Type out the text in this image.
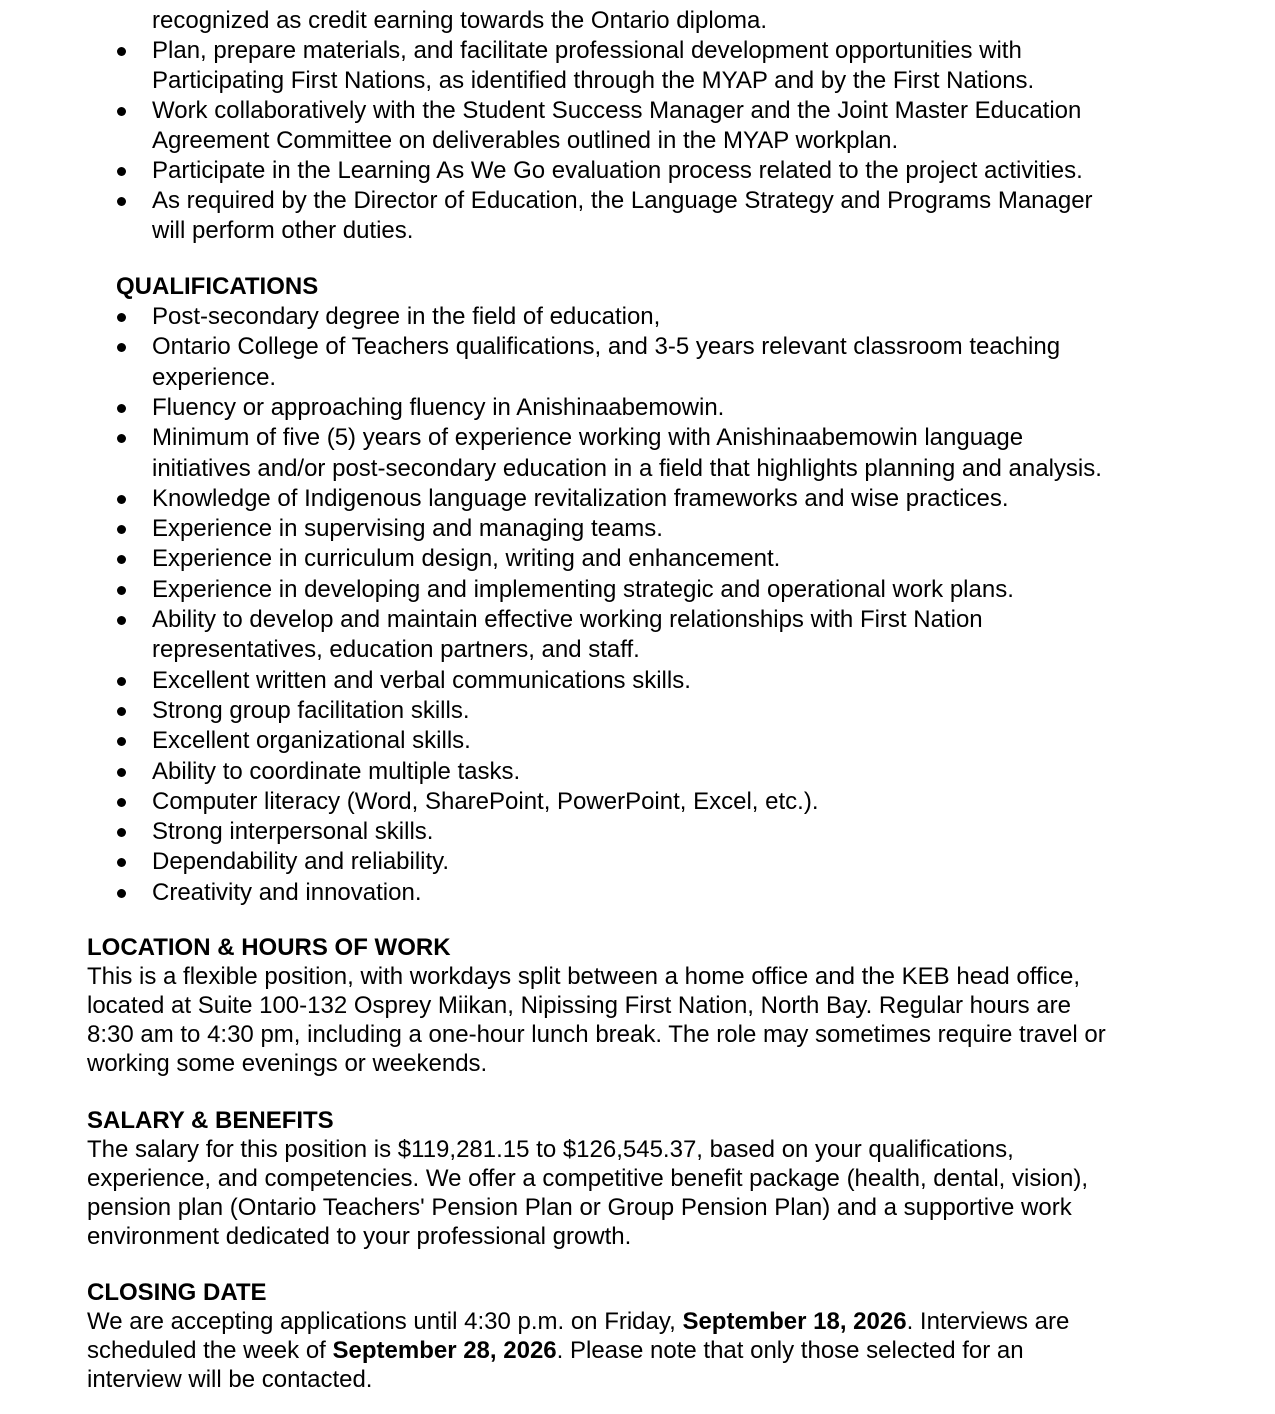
recognized as credit earning towards the Ontario diploma.
Plan, prepare materials, and facilitate professional development opportunities with
Participating First Nations, as identified through the MYAP and by the First Nations.
Work collaboratively with the Student Success Manager and the Joint Master Education
Agreement Committee on deliverables outlined in the MYAP workplan.
Participate in the Learning As We Go evaluation process related to the project activities.
As required by the Director of Education, the Language Strategy and Programs Manager
will perform other duties.
QUALIFICATIONS
Post-secondary degree in the field of education,
Ontario College of Teachers qualifications, and 3-5 years relevant classroom teaching
experience.
Fluency or approaching fluency in Anishinaabemowin.
Minimum of five (5) years of experience working with Anishinaabemowin language
initiatives and/or post-secondary education in a field that highlights planning and analysis.
Knowledge of Indigenous language revitalization frameworks and wise practices.
Experience in supervising and managing teams.
Experience in curriculum design, writing and enhancement.
Experience in developing and implementing strategic and operational work plans.
Ability to develop and maintain effective working relationships with First Nation
representatives, education partners, and staff.
Excellent written and verbal communications skills.
Strong group facilitation skills.
Excellent organizational skills.
Ability to coordinate multiple tasks.
Computer literacy (Word, SharePoint, PowerPoint, Excel, etc.).
Strong interpersonal skills.
Dependability and reliability.
Creativity and innovation.
LOCATION & HOURS OF WORK
This is a flexible position, with workdays split between a home office and the KEB head office,
located at Suite 100-132 Osprey Miikan, Nipissing First Nation, North Bay. Regular hours are
8:30 am to 4:30 pm, including a one-hour lunch break. The role may sometimes require travel or
working some evenings or weekends.
SALARY & BENEFITS
The salary for this position is $119,281.15 to $126,545.37, based on your qualifications,
experience, and competencies. We offer a competitive benefit package (health, dental, vision),
pension plan (Ontario Teachers' Pension Plan or Group Pension Plan) and a supportive work
environment dedicated to your professional growth.
CLOSING DATE
We are accepting applications until 4:30 p.m. on Friday, September 18, 2026. Interviews are
scheduled the week of September 28, 2026. Please note that only those selected for an
interview will be contacted.
